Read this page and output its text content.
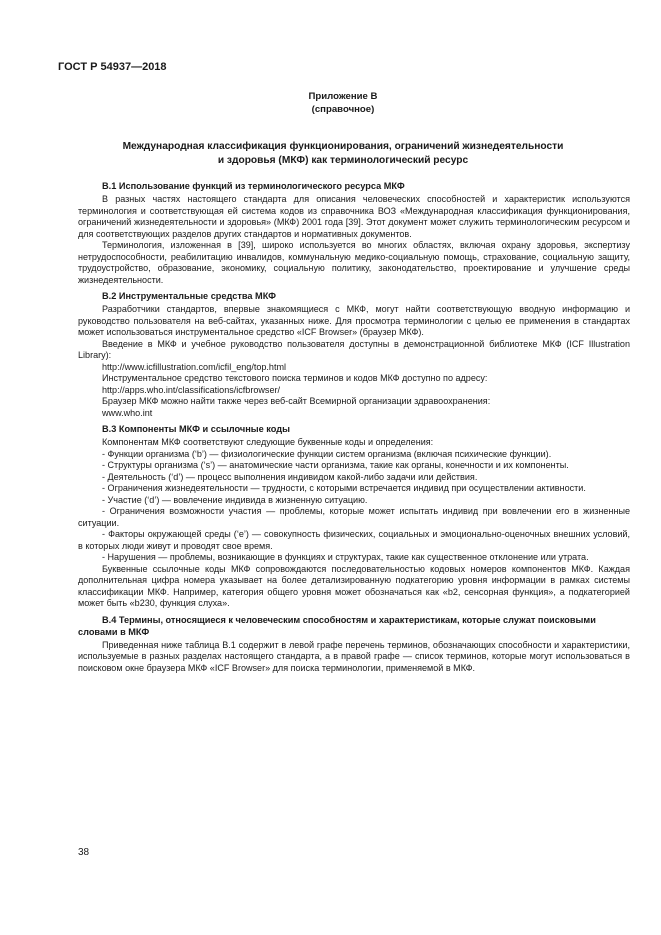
ГОСТ Р 54937—2018
Приложение В
(справочное)
Международная классификация функционирования, ограничений жизнедеятельности
и здоровья (МКФ) как терминологический ресурс
В.1 Использование функций из терминологического ресурса МКФ

В разных частях настоящего стандарта для описания человеческих способностей и характеристик используются терминология и соответствующая ей система кодов из справочника ВОЗ «Международная классификация функционирования, ограничений жизнедеятельности и здоровья» (МКФ) 2001 года [39]. Этот документ может служить терминологическим ресурсом и для соответствующих разделов других стандартов и нормативных документов.

Терминология, изложенная в [39], широко используется во многих областях, включая охрану здоровья, экспертизу нетрудоспособности, реабилитацию инвалидов, коммунальную медико-социальную помощь, страхование, социальную защиту, трудоустройство, образование, экономику, социальную политику, законодательство, проектирование и улучшение среды жизнедеятельности.

В.2 Инструментальные средства МКФ

Разработчики стандартов, впервые знакомящиеся с МКФ, могут найти соответствующую вводную информацию и руководство пользователя на веб-сайтах, указанных ниже. Для просмотра терминологии с целью ее применения в стандартах может использоваться инструментальное средство «ICF Browser» (браузер МКФ).

Введение в МКФ и учебное руководство пользователя доступны в демонстрационной библиотеке МКФ (ICF Illustration Library):

http://www.icfillustration.com/icfil_eng/top.html

Инструментальное средство текстового поиска терминов и кодов МКФ доступно по адресу:

http://apps.who.int/classifications/icfbrowser/

Браузер МКФ можно найти также через веб-сайт Всемирной организации здравоохранения:

www.who.int

В.3 Компоненты МКФ и ссылочные коды

Компонентам МКФ соответствуют следующие буквенные коды и определения:

- Функции организма (‘b’) — физиологические функции систем организма (включая психические функции).

- Структуры организма (‘s’) — анатомические части организма, такие как органы, конечности и их компоненты.

- Деятельность (‘d’) — процесс выполнения индивидом какой-либо задачи или действия.

- Ограничения жизнедеятельности — трудности, с которыми встречается индивид при осуществлении активности.

- Участие (‘d’) — вовлечение индивида в жизненную ситуацию.

- Ограничения возможности участия — проблемы, которые может испытать индивид при вовлечении его в жизненные ситуации.

- Факторы окружающей среды (‘e’) — совокупность физических, социальных и эмоционально-оценочных внешних условий, в которых люди живут и проводят свое время.

- Нарушения — проблемы, возникающие в функциях и структурах, такие как существенное отклонение или утрата.

Буквенные ссылочные коды МКФ сопровождаются последовательностью кодовых номеров компонентов МКФ. Каждая дополнительная цифра номера указывает на более детализированную подкатегорию уровня информации в рамках системы классификации МКФ. Например, категория общего уровня может обозначаться как «b2, сенсорная функция», а подкатегорией может быть «b230, функция слуха».

В.4 Термины, относящиеся к человеческим способностям и характеристикам, которые служат поисковыми словами в МКФ

Приведенная ниже таблица В.1 содержит в левой графе перечень терминов, обозначающих способности и характеристики, используемые в разных разделах настоящего стандарта, а в правой графе — список терминов, которые могут использоваться в поисковом окне браузера МКФ «ICF Browser» для поиска терминологии, применяемой в МКФ.

38
